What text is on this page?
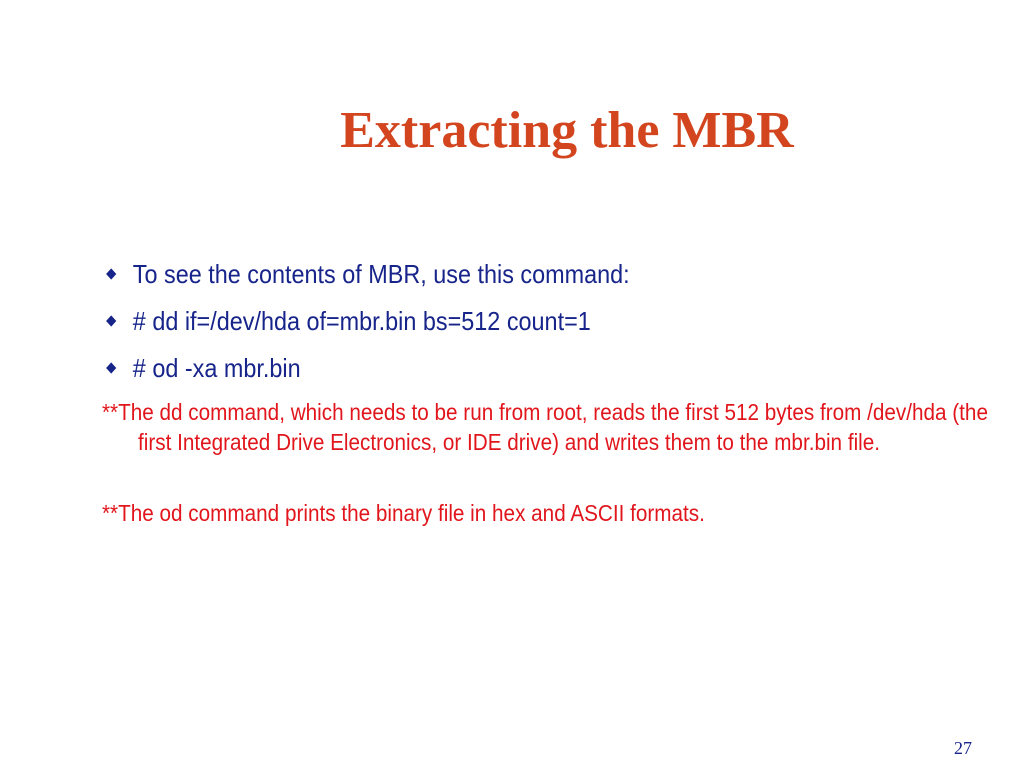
Extracting the MBR
To see the contents of MBR, use this command:
# dd if=/dev/hda of=mbr.bin bs=512 count=1
# od -xa mbr.bin
**The dd command, which needs to be run from root, reads the first 512 bytes from /dev/hda (the first Integrated Drive Electronics, or IDE drive) and writes them to the mbr.bin file.
**The od command prints the binary file in hex and ASCII formats.
27
